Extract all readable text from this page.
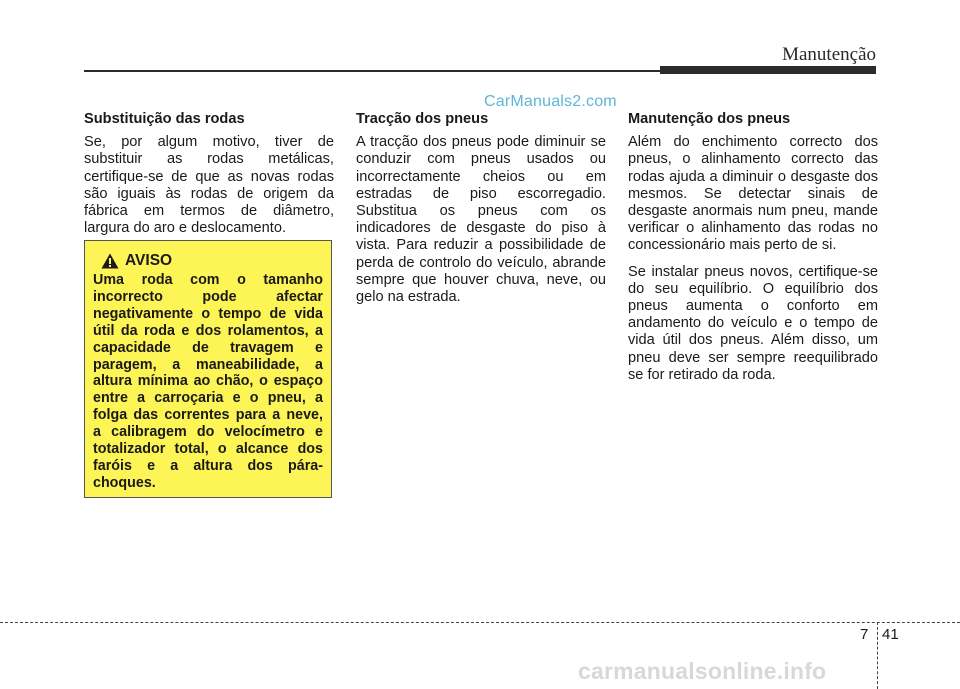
Manutenção
CarManuals2.com
Substituição das rodas

Se, por algum motivo, tiver de substituir as rodas metálicas, certifique-se de que as novas rodas são iguais às rodas de origem da fábrica em termos de diâmetro, largura do aro e deslocamento.

AVISO
Uma roda com o tamanho incorrecto pode afectar negativamente o tempo de vida útil da roda e dos rolamentos, a capacidade de travagem e paragem, a maneabilidade, a altura mínima ao chão, o espaço entre a carroçaria e o pneu, a folga das correntes para a neve, a calibragem do velocímetro e totalizador total, o alcance dos faróis e a altura dos pára-choques.
Tracção dos pneus

A tracção dos pneus pode diminuir se conduzir com pneus usados ou incorrectamente cheios ou em estradas de piso escorregadio. Substitua os pneus com os indicadores de desgaste do piso à vista. Para reduzir a possibilidade de perda de controlo do veículo, abrande sempre que houver chuva, neve, ou gelo na estrada.

Manutenção dos pneus

Além do enchimento correcto dos pneus, o alinhamento correcto das rodas ajuda a diminuir o desgaste dos mesmos. Se detectar sinais de desgaste anormais num pneu, mande verificar o alinhamento das rodas no concessionário mais perto de si.

Se instalar pneus novos, certifique-se do seu equilíbrio. O equilíbrio dos pneus aumenta o conforto em andamento do veículo e o tempo de vida útil dos pneus. Além disso, um pneu deve ser sempre reequilibrado se for retirado da roda.

7 41
carmanualsonline.info
